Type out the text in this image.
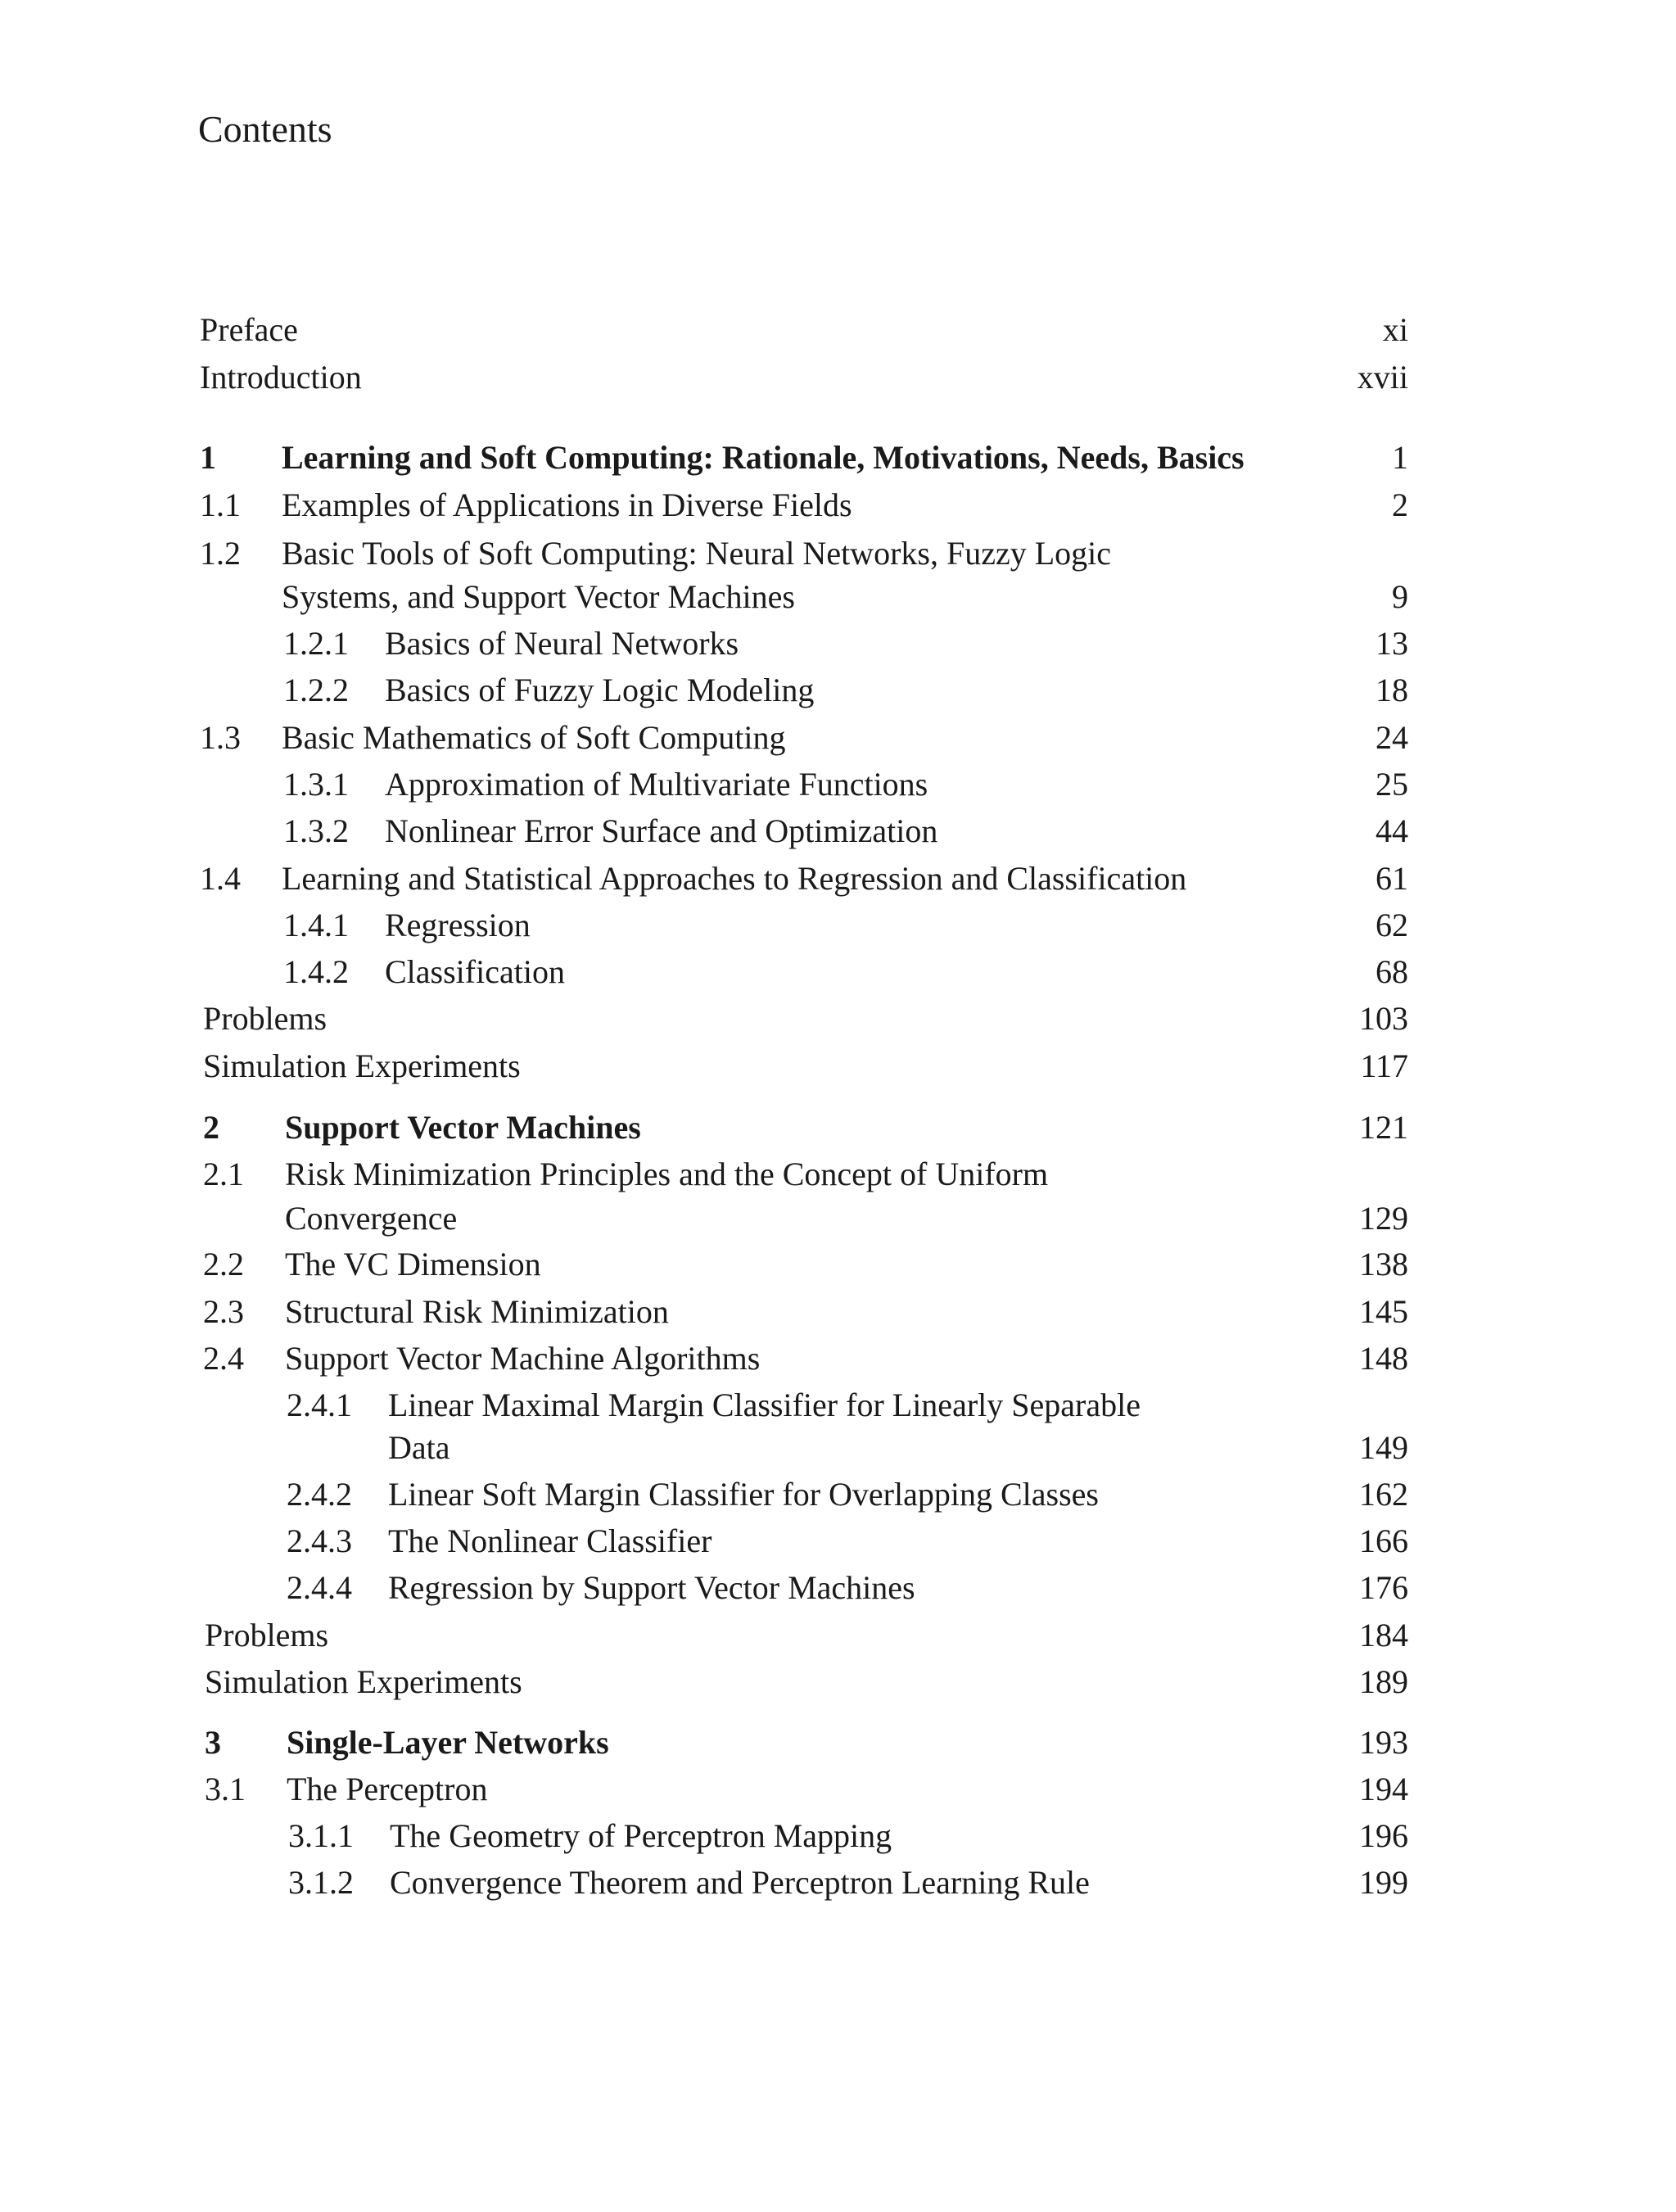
Contents
Preface	xi
Introduction	xvii
1 Learning and Soft Computing: Rationale, Motivations, Needs, Basics	1
1.1 Examples of Applications in Diverse Fields	2
1.2 Basic Tools of Soft Computing: Neural Networks, Fuzzy Logic
Systems, and Support Vector Machines	9
1.2.1 Basics of Neural Networks	13
1.2.2 Basics of Fuzzy Logic Modeling	18
1.3 Basic Mathematics of Soft Computing	24
1.3.1 Approximation of Multivariate Functions	25
1.3.2 Nonlinear Error Surface and Optimization	44
1.4 Learning and Statistical Approaches to Regression and Classification	61
1.4.1 Regression	62
1.4.2 Classification	68
Problems	103
Simulation Experiments	117
2 Support Vector Machines	121
2.1 Risk Minimization Principles and the Concept of Uniform
Convergence	129
2.2 The VC Dimension	138
2.3 Structural Risk Minimization	145
2.4 Support Vector Machine Algorithms	148
2.4.1 Linear Maximal Margin Classifier for Linearly Separable
Data	149
2.4.2 Linear Soft Margin Classifier for Overlapping Classes	162
2.4.3 The Nonlinear Classifier	166
2.4.4 Regression by Support Vector Machines	176
Problems	184
Simulation Experiments	189
3 Single-Layer Networks	193
3.1 The Perceptron	194
3.1.1 The Geometry of Perceptron Mapping	196
3.1.2 Convergence Theorem and Perceptron Learning Rule	199
